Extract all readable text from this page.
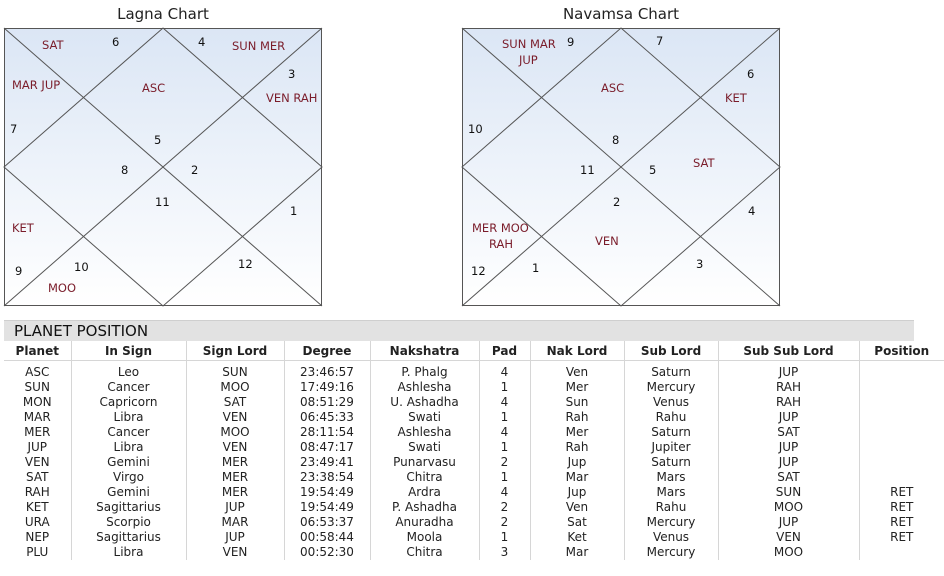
Lagna Chart
6	4
3
5
7
8	2
11
1
9	10	12
SAT	SUN MER
MAR JUP	ASC
VEN RAH
KET
MOO
Navamsa Chart
9	7
6
10
8
11	5
2
4
12	1	3
SUN MAR
JUP
ASC
KET
SAT
MER MOO
RAH	VEN
PLANET POSITION
Planet	In Sign	Sign Lord	Degree	Nakshatra	Pad	Nak Lord	Sub Lord	Sub Sub Lord	Position
ASC	Leo	SUN	23:46:57	P. Phalg	4	Ven	Saturn	JUP	
SUN	Cancer	MOO	17:49:16	Ashlesha	1	Mer	Mercury	RAH	
MON	Capricorn	SAT	08:51:29	U. Ashadha	4	Sun	Venus	RAH	
MAR	Libra	VEN	06:45:33	Swati	1	Rah	Rahu	JUP	
MER	Cancer	MOO	28:11:54	Ashlesha	4	Mer	Saturn	SAT	
JUP	Libra	VEN	08:47:17	Swati	1	Rah	Jupiter	JUP	
VEN	Gemini	MER	23:49:41	Punarvasu	2	Jup	Saturn	JUP	
SAT	Virgo	MER	23:38:54	Chitra	1	Mar	Mars	SAT	
RAH	Gemini	MER	19:54:49	Ardra	4	Jup	Mars	SUN	RET
KET	Sagittarius	JUP	19:54:49	P. Ashadha	2	Ven	Rahu	MOO	RET
URA	Scorpio	MAR	06:53:37	Anuradha	2	Sat	Mercury	JUP	RET
NEP	Sagittarius	JUP	00:58:44	Moola	1	Ket	Venus	VEN	RET
PLU	Libra	VEN	00:52:30	Chitra	3	Mar	Mercury	MOO	
